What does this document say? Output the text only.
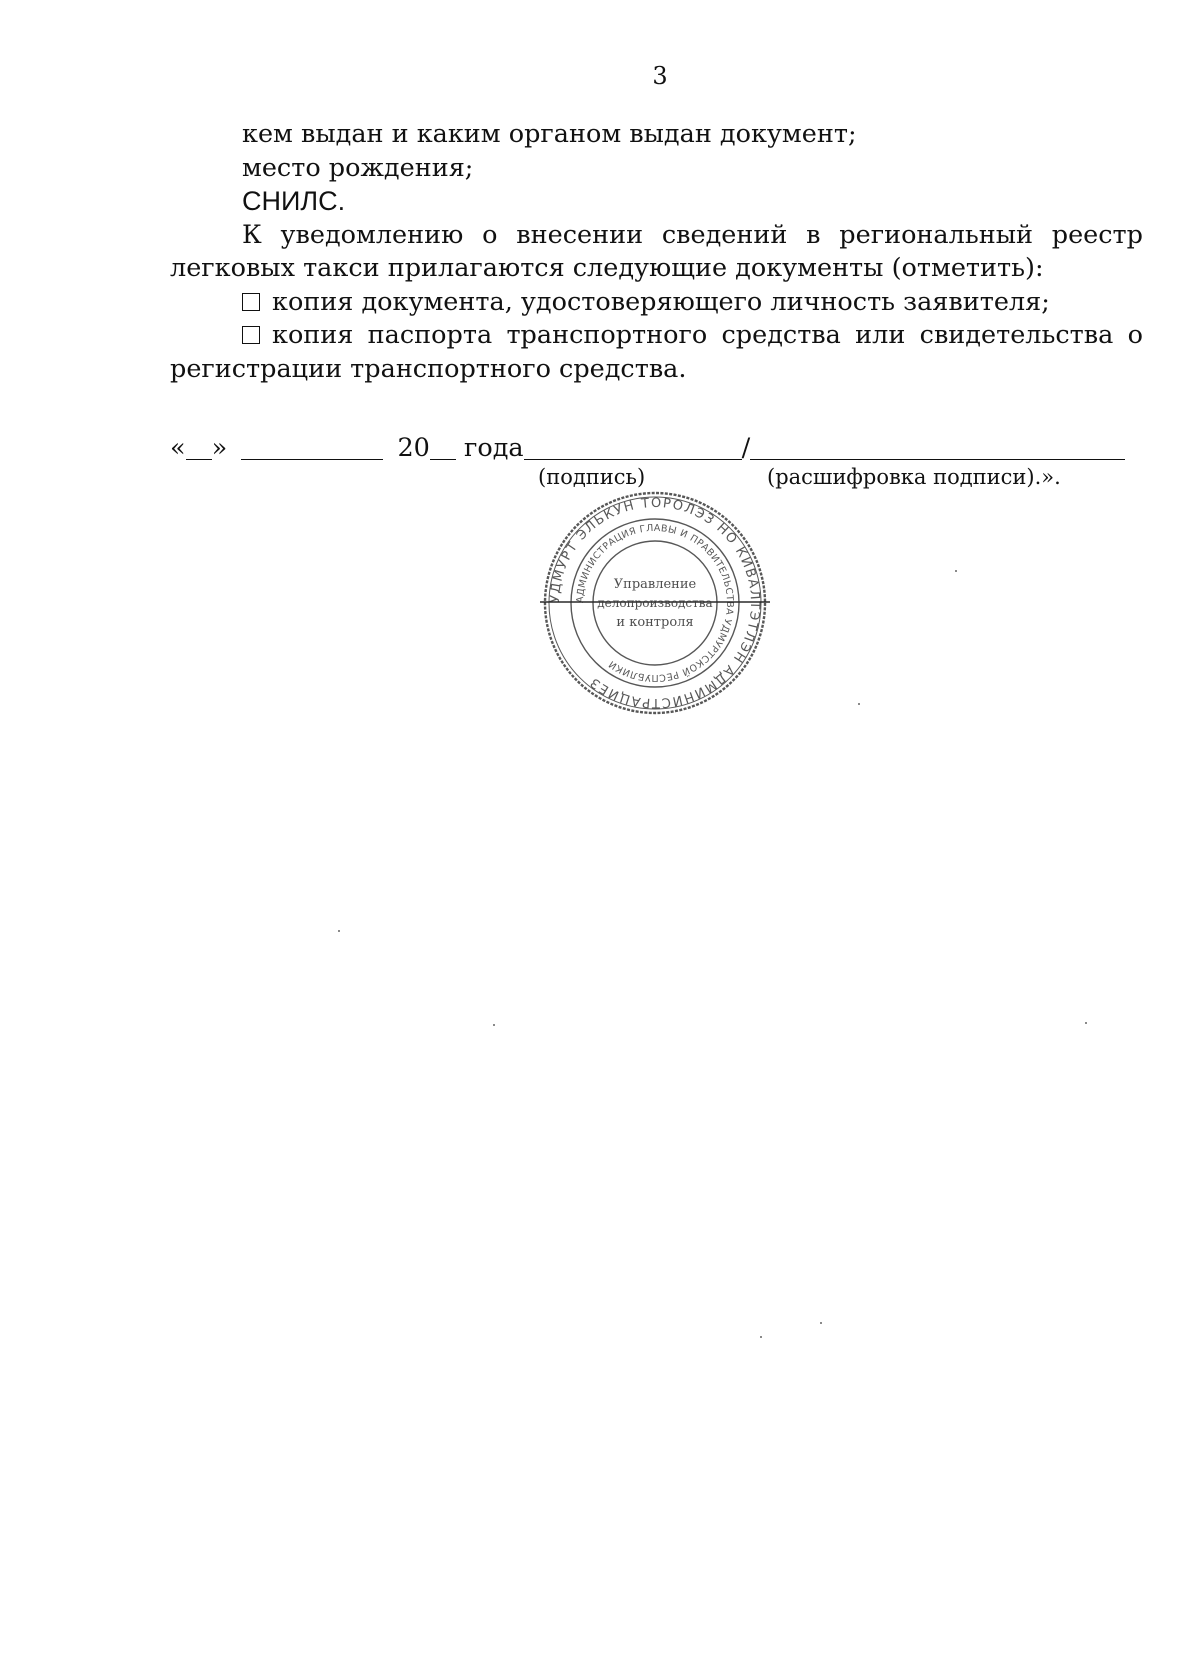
3

кем выдан и каким органом выдан документ;

место рождения;

СНИЛС.

К уведомлению о внесении сведений в региональный реестр легковых такси прилагаются следующие документы (отметить):

копия документа, удостоверяющего личность заявителя;

копия паспорта транспортного средства или свидетельства о регистрации транспортного средства.

« »	20 года	/
(подпись)	(расшифровка подписи).».
УДМУРТ ЭЛЬКУН ТОРОЛЭЗ НО КИВАЛТЭТЛЭН АДМИНИСТРАЦИЕЗ
АДМИНИСТРАЦИЯ ГЛАВЫ И ПРАВИТЕЛЬСТВА УДМУРТСКОЙ РЕСПУБЛИКИ
Управление
делопроизводства
и контроля
